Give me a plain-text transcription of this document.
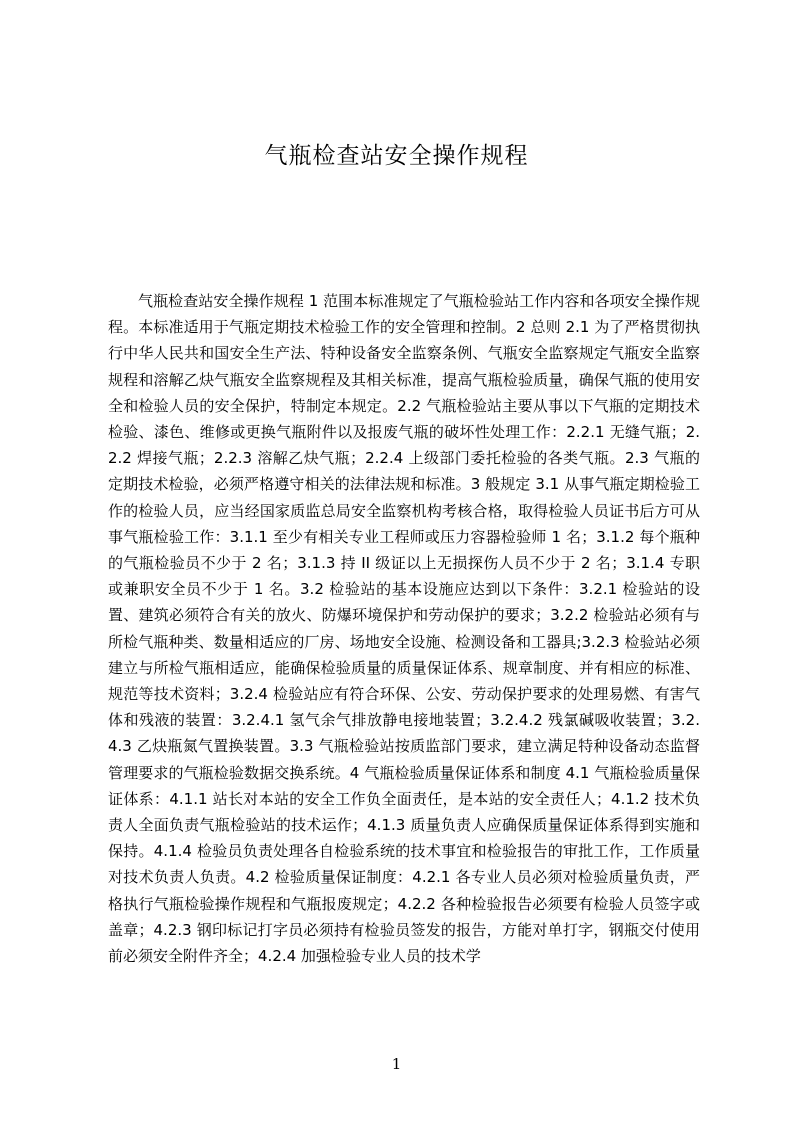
气瓶检查站安全操作规程

气瓶检查站安全操作规程 1 范围本标准规定了气瓶检验站工作内容和各项安全操作规程。本标准适用于气瓶定期技术检验工作的安全管理和控制。2 总则 2.1 为了严格贯彻执行中华人民共和国安全生产法、特种设备安全监察条例、气瓶安全监察规定气瓶安全监察规程和溶解乙炔气瓶安全监察规程及其相关标准，提高气瓶检验质量，确保气瓶的使用安全和检验人员的安全保护，特制定本规定。2.2 气瓶检验站主要从事以下气瓶的定期技术检验、漆色、维修或更换气瓶附件以及报废气瓶的破坏性处理工作：2.2.1 无缝气瓶；2.2.2 焊接气瓶；2.2.3 溶解乙炔气瓶；2.2.4 上级部门委托检验的各类气瓶。2.3 气瓶的定期技术检验，必须严格遵守相关的法律法规和标准。3 般规定 3.1 从事气瓶定期检验工作的检验人员，应当经国家质监总局安全监察机构考核合格，取得检验人员证书后方可从事气瓶检验工作：3.1.1 至少有相关专业工程师或压力容器检验师 1 名；3.1.2 每个瓶种的气瓶检验员不少于 2 名；3.1.3 持 II 级证以上无损探伤人员不少于 2 名；3.1.4 专职或兼职安全员不少于 1 名。3.2 检验站的基本设施应达到以下条件：3.2.1 检验站的设置、建筑必须符合有关的放火、防爆环境保护和劳动保护的要求；3.2.2 检验站必须有与所检气瓶种类、数量相适应的厂房、场地安全设施、检测设备和工器具;3.2.3 检验站必须建立与所检气瓶相适应，能确保检验质量的质量保证体系、规章制度、并有相应的标准、规范等技术资料；3.2.4 检验站应有符合环保、公安、劳动保护要求的处理易燃、有害气体和残液的装置：3.2.4.1 氢气余气排放静电接地装置；3.2.4.2 残氯碱吸收装置；3.2.4.3 乙炔瓶氮气置换装置。3.3 气瓶检验站按质监部门要求，建立满足特种设备动态监督管理要求的气瓶检验数据交换系统。4 气瓶检验质量保证体系和制度 4.1 气瓶检验质量保证体系：4.1.1 站长对本站的安全工作负全面责任，是本站的安全责任人；4.1.2 技术负责人全面负责气瓶检验站的技术运作；4.1.3 质量负责人应确保质量保证体系得到实施和保持。4.1.4 检验员负责处理各自检验系统的技术事宜和检验报告的审批工作，工作质量对技术负责人负责。4.2 检验质量保证制度：4.2.1 各专业人员必须对检验质量负责，严格执行气瓶检验操作规程和气瓶报废规定；4.2.2 各种检验报告必须要有检验人员签字或盖章；4.2.3 钢印标记打字员必须持有检验员签发的报告，方能对单打字，钢瓶交付使用前必须安全附件齐全；4.2.4 加强检验专业人员的技术学

1
